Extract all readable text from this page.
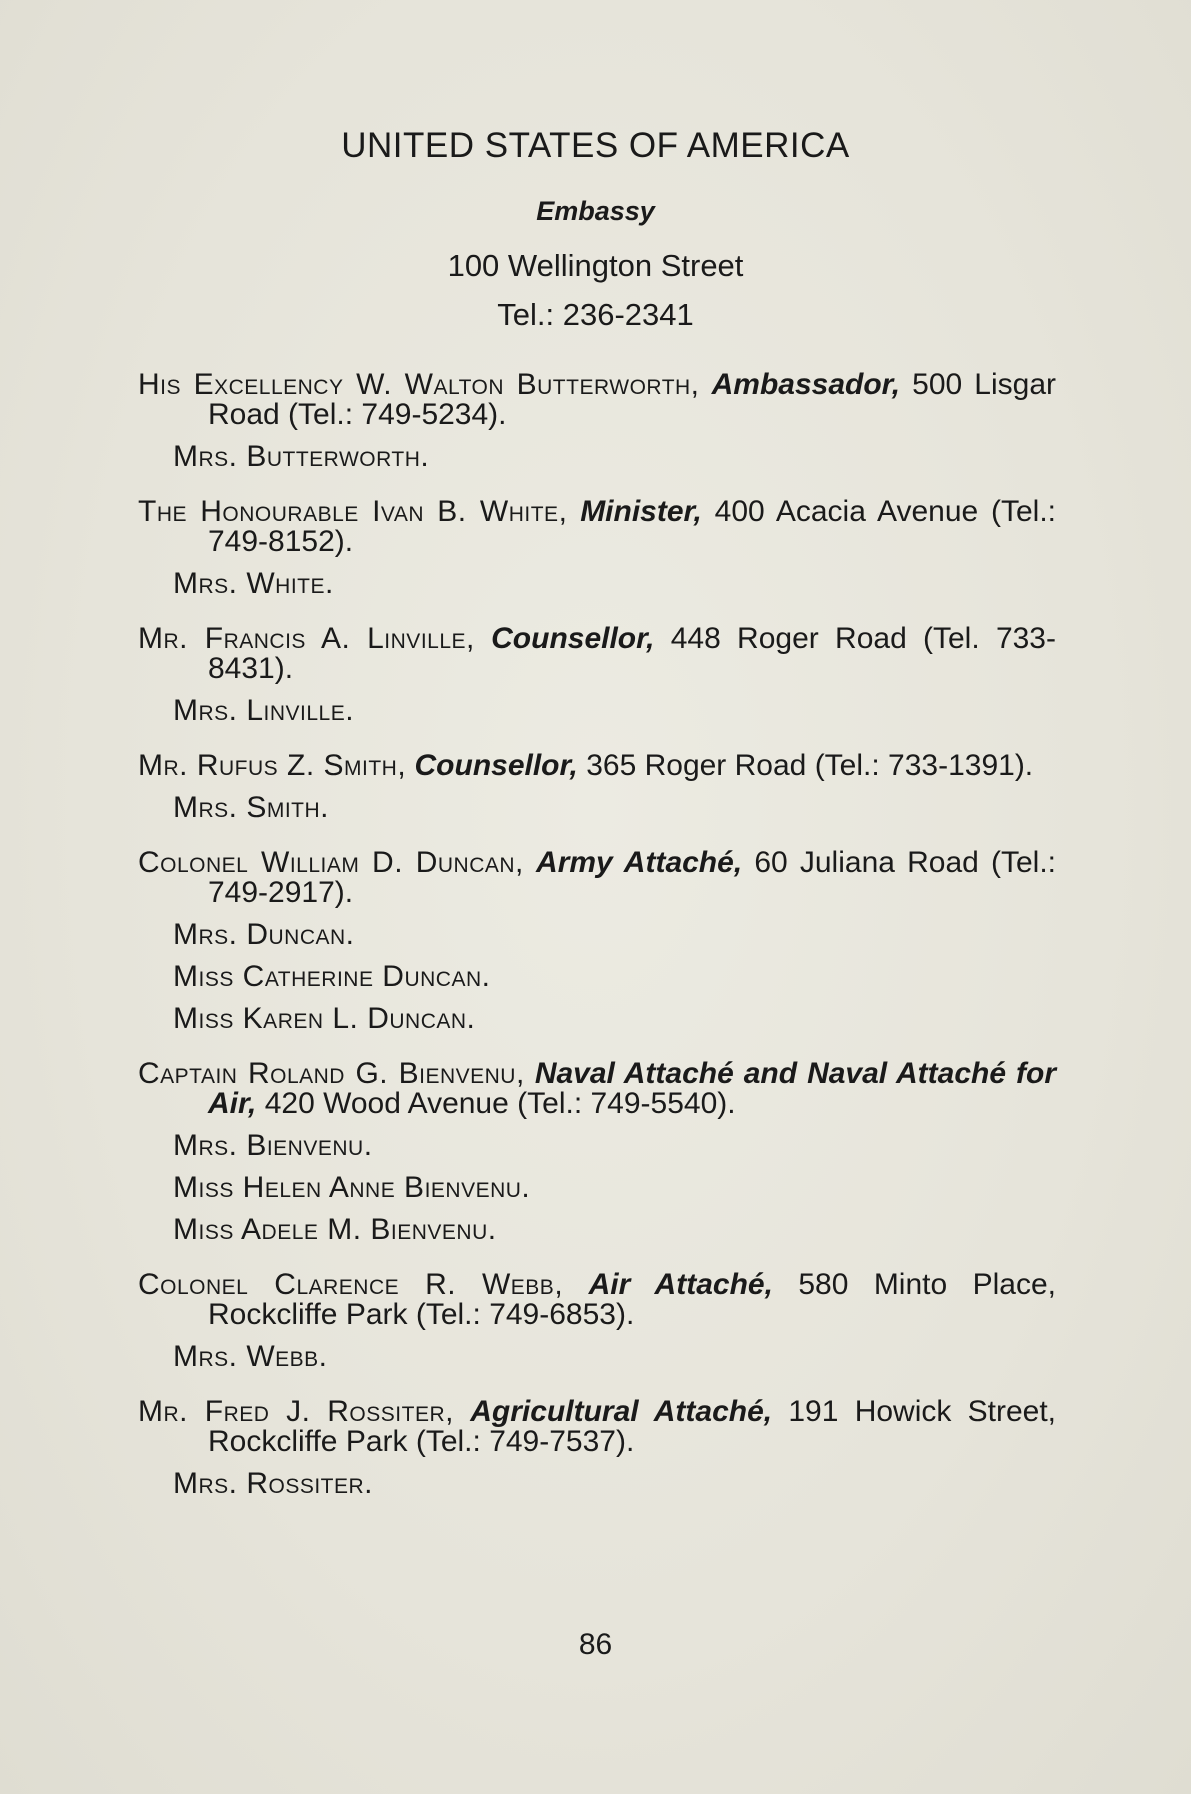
UNITED STATES OF AMERICA
Embassy
100 Wellington Street
Tel.: 236-2341
His Excellency W. Walton Butterworth, Ambassador, 500 Lisgar Road (Tel.: 749-5234).
Mrs. Butterworth.
The Honourable Ivan B. White, Minister, 400 Acacia Avenue (Tel.: 749-8152).
Mrs. White.
Mr. Francis A. Linville, Counsellor, 448 Roger Road (Tel. 733-8431).
Mrs. Linville.
Mr. Rufus Z. Smith, Counsellor, 365 Roger Road (Tel.: 733-1391).
Mrs. Smith.
Colonel William D. Duncan, Army Attaché, 60 Juliana Road (Tel.: 749-2917).
Mrs. Duncan.
Miss Catherine Duncan.
Miss Karen L. Duncan.
Captain Roland G. Bienvenu, Naval Attaché and Naval Attaché for Air, 420 Wood Avenue (Tel.: 749-5540).
Mrs. Bienvenu.
Miss Helen Anne Bienvenu.
Miss Adele M. Bienvenu.
Colonel Clarence R. Webb, Air Attaché, 580 Minto Place, Rockcliffe Park (Tel.: 749-6853).
Mrs. Webb.
Mr. Fred J. Rossiter, Agricultural Attaché, 191 Howick Street, Rockcliffe Park (Tel.: 749-7537).
Mrs. Rossiter.
86
